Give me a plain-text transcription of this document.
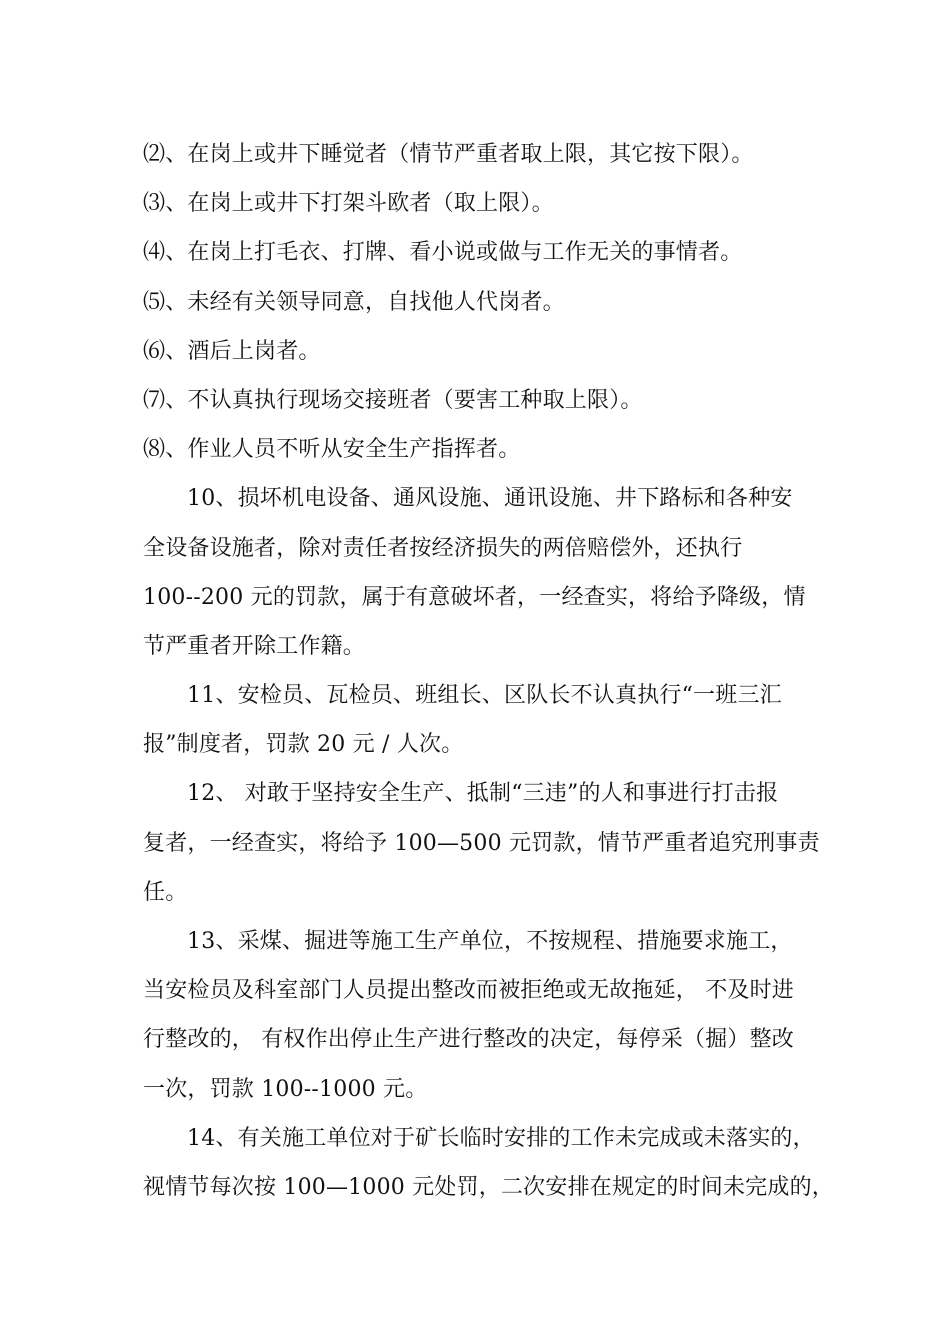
⑵、在岗上或井下睡觉者（情节严重者取上限，其它按下限）。
⑶、在岗上或井下打架斗欧者（取上限）。
⑷、在岗上打毛衣、打牌、看小说或做与工作无关的事情者。
⑸、未经有关领导同意，自找他人代岗者。
⑹、酒后上岗者。
⑺、不认真执行现场交接班者（要害工种取上限）。
⑻、作业人员不听从安全生产指挥者。
10、损坏机电设备、通风设施、通讯设施、井下路标和各种安
全设备设施者，除对责任者按经济损失的两倍赔偿外，还执行
100--200 元的罚款，属于有意破坏者，一经查实，将给予降级，情
节严重者开除工作籍。
11、安检员、瓦检员、班组长、区队长不认真执行“一班三汇
报”制度者，罚款 20 元 / 人次。
12、 对敢于坚持安全生产、抵制“三违”的人和事进行打击报
复者，一经查实，将给予 100—500 元罚款，情节严重者追究刑事责
任。
13、采煤、掘进等施工生产单位，不按规程、措施要求施工，
当安检员及科室部门人员提出整改而被拒绝或无故拖延， 不及时进
行整改的， 有权作出停止生产进行整改的决定，每停采（掘）整改
一次，罚款 100--1000 元。
14、有关施工单位对于矿长临时安排的工作未完成或未落实的，
视情节每次按 100—1000 元处罚，二次安排在规定的时间未完成的，
